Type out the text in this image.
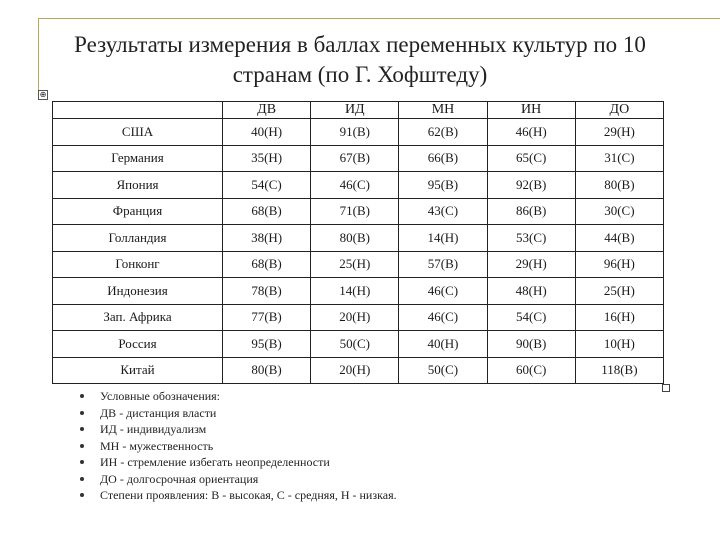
Результаты измерения в баллах переменных культур по 10 странам (по Г. Хофштеду)
⊕
	ДВ	ИД	МН	ИН	ДО
США	40(Н)	91(В)	62(В)	46(Н)	29(Н)
Германия	35(Н)	67(В)	66(В)	65(С)	31(С)
Япония	54(С)	46(С)	95(В)	92(В)	80(В)
Франция	68(В)	71(В)	43(С)	86(В)	30(С)
Голландия	38(Н)	80(В)	14(Н)	53(С)	44(В)
Гонконг	68(В)	25(Н)	57(В)	29(Н)	96(Н)
Индонезия	78(В)	14(Н)	46(С)	48(Н)	25(Н)
Зап. Африка	77(В)	20(Н)	46(С)	54(С)	16(Н)
Россия	95(В)	50(С)	40(Н)	90(В)	10(Н)
Китай	80(В)	20(Н)	50(С)	60(С)	118(В)
Условные обозначения:
ДВ - дистанция власти
ИД - индивидуализм
МН - мужественность
ИН - стремление избегать неопределенности
ДО - долгосрочная ориентация
Степени проявления: В - высокая, С - средняя, Н - низкая.
